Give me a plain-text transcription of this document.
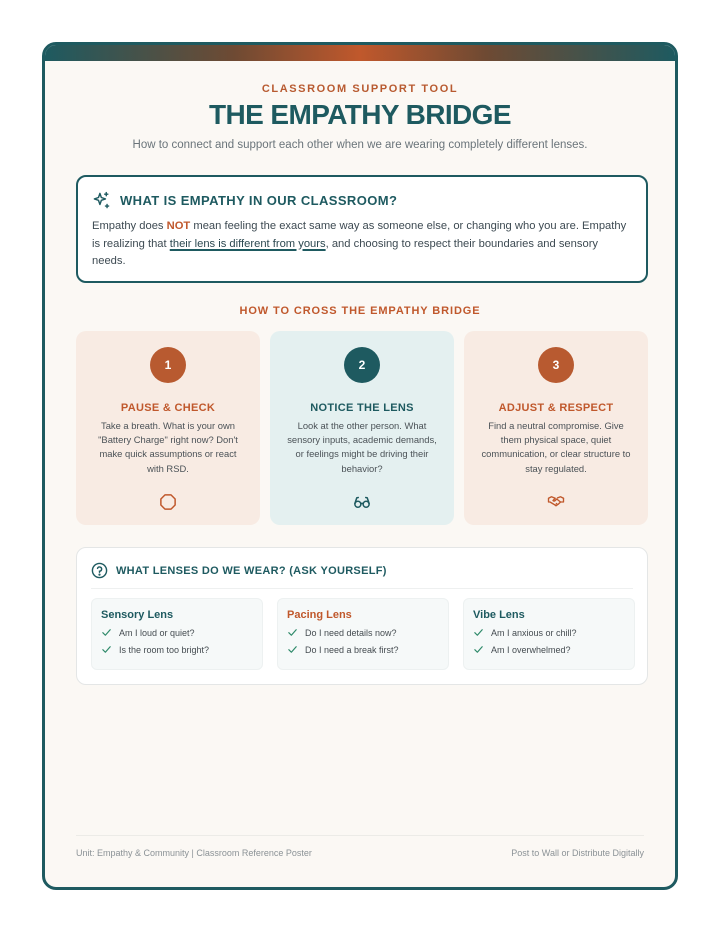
CLASSROOM SUPPORT TOOL
THE EMPATHY BRIDGE
How to connect and support each other when we are wearing completely different lenses.
WHAT IS EMPATHY IN OUR CLASSROOM?
Empathy does NOT mean feeling the exact same way as someone else, or changing who you are. Empathy is realizing that their lens is different from yours, and choosing to respect their boundaries and sensory needs.
HOW TO CROSS THE EMPATHY BRIDGE
1
PAUSE & CHECK
Take a breath. What is your own "Battery Charge" right now? Don't make quick assumptions or react with RSD.
2
NOTICE THE LENS
Look at the other person. What sensory inputs, academic demands, or feelings might be driving their behavior?
3
ADJUST & RESPECT
Find a neutral compromise. Give them physical space, quiet communication, or clear structure to stay regulated.
WHAT LENSES DO WE WEAR? (ASK YOURSELF)
Sensory Lens
Am I loud or quiet?
Is the room too bright?
Pacing Lens
Do I need details now?
Do I need a break first?
Vibe Lens
Am I anxious or chill?
Am I overwhelmed?
Unit: Empathy & Community | Classroom Reference Poster	Post to Wall or Distribute Digitally
